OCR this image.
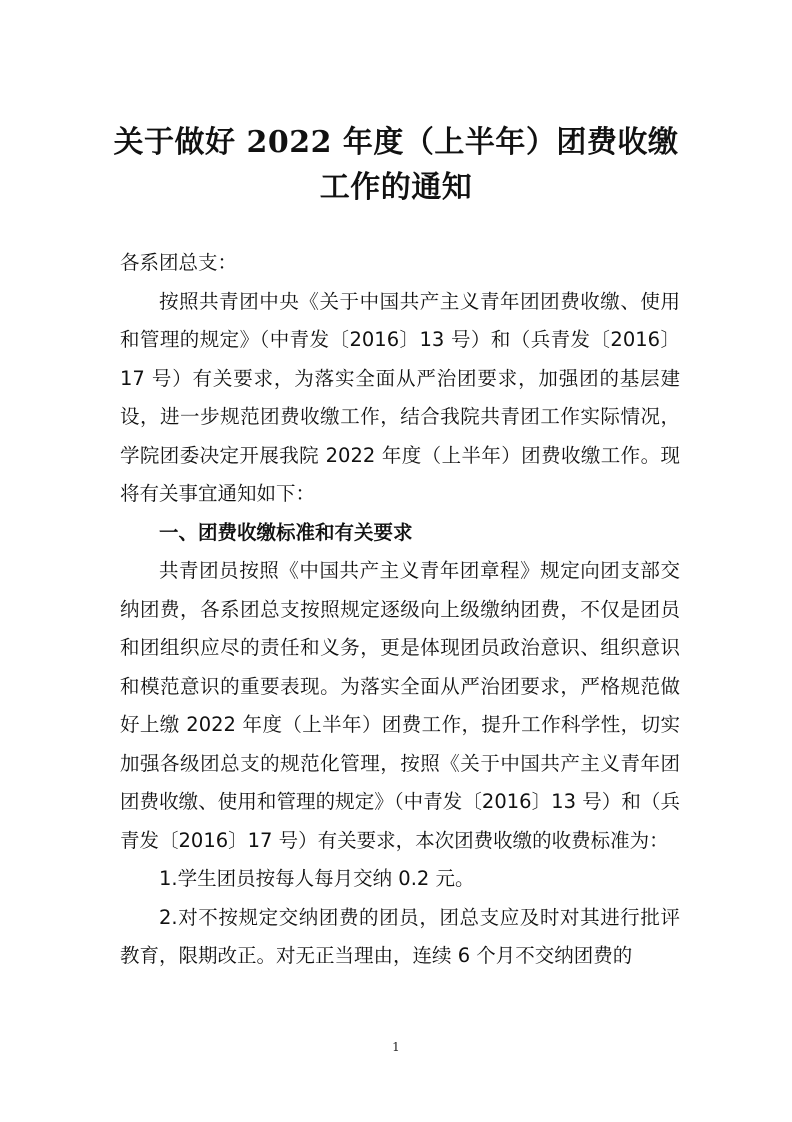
关于做好 2022 年度（上半年）团费收缴
工作的通知

各系团总支：

按照共青团中央《关于中国共产主义青年团团费收缴、使用和管理的规定》（中青发〔2016〕13 号）和（兵青发〔2016〕17 号）有关要求，为落实全面从严治团要求，加强团的基层建设，进一步规范团费收缴工作，结合我院共青团工作实际情况，学院团委决定开展我院 2022 年度（上半年）团费收缴工作。现将有关事宜通知如下：

一、团费收缴标准和有关要求

共青团员按照《中国共产主义青年团章程》规定向团支部交纳团费，各系团总支按照规定逐级向上级缴纳团费，不仅是团员和团组织应尽的责任和义务，更是体现团员政治意识、组织意识和模范意识的重要表现。为落实全面从严治团要求，严格规范做好上缴 2022 年度（上半年）团费工作，提升工作科学性，切实加强各级团总支的规范化管理，按照《关于中国共产主义青年团团费收缴、使用和管理的规定》（中青发〔2016〕13 号）和（兵青发〔2016〕17 号）有关要求，本次团费收缴的收费标准为：

1.学生团员按每人每月交纳 0.2 元。

2.对不按规定交纳团费的团员，团总支应及时对其进行批评教育，限期改正。对无正当理由，连续 6 个月不交纳团费的

1
